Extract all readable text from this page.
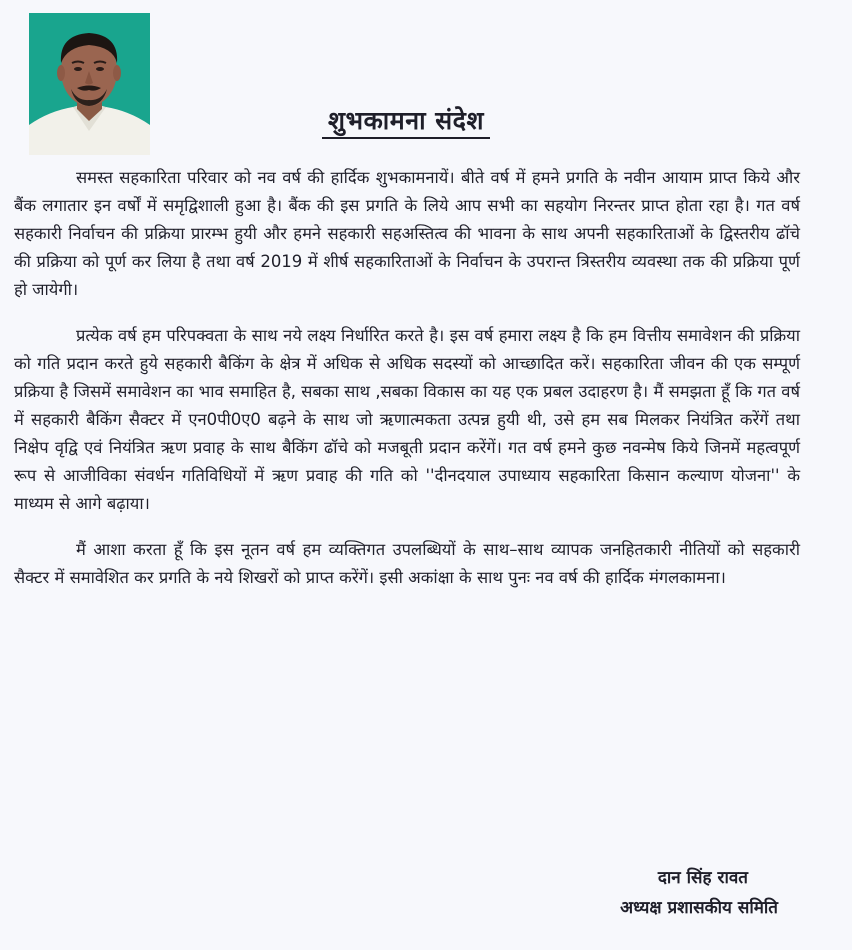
शुभकामना संदेश

समस्त सहकारिता परिवार को नव वर्ष की हार्दिक शुभकामनायें। बीते वर्ष में हमने प्रगति के नवीन आयाम प्राप्त किये और बैंक लगातार इन वर्षों में समृद्विशाली हुआ है। बैंक की इस प्रगति के लिये आप सभी का सहयोग निरन्तर प्राप्त होता रहा है। गत वर्ष सहकारी निर्वाचन की प्रक्रिया प्रारम्भ हुयी और हमने सहकारी सहअस्तित्व की भावना के साथ अपनी सहकारिताओं के द्विस्तरीय ढॉचे की प्रक्रिया को पूर्ण कर लिया है तथा वर्ष 2019 में शीर्ष सहकारिताओं के निर्वाचन के उपरान्त त्रिस्तरीय व्यवस्था तक की प्रक्रिया पूर्ण हो जायेगी।

प्रत्येक वर्ष हम परिपक्वता के साथ नये लक्ष्य निर्धारित करते है। इस वर्ष हमारा लक्ष्य है कि हम वित्तीय समावेशन की प्रक्रिया को गति प्रदान करते हुये सहकारी बैकिंग के क्षेत्र में अधिक से अधिक सदस्यों को आच्छादित करें। सहकारिता जीवन की एक सम्पूर्ण प्रक्रिया है जिसमें समावेशन का भाव समाहित है, सबका साथ ,सबका विकास का यह एक प्रबल उदाहरण है। मैं समझता हूँ कि गत वर्ष में सहकारी बैकिंग सैक्टर में एन0पी0ए0 बढ़ने के साथ जो ऋणात्मकता उत्पन्न हुयी थी, उसे हम सब मिलकर नियंत्रित करेंगें तथा निक्षेप वृद्वि एवं नियंत्रित ऋण प्रवाह के साथ बैकिंग ढॉचे को मजबूती प्रदान करेंगें। गत वर्ष हमने कुछ नवन्मेष किये जिनमें महत्वपूर्ण रूप से आजीविका संवर्धन गतिविधियों में ऋण प्रवाह की गति को ''दीनदयाल उपाध्याय सहकारिता किसान कल्याण योजना'' के माध्यम से आगे बढ़ाया।

मैं आशा करता हूँ कि इस नूतन वर्ष हम व्यक्तिगत उपलब्धियों के साथ–साथ व्यापक जनहितकारी नीतियों को सहकारी सैक्टर में समावेशित कर प्रगति के नये शिखरों को प्राप्त करेंगें। इसी अकांक्षा के साथ पुनः नव वर्ष की हार्दिक मंगलकामना।

दान सिंह रावत
अध्यक्ष प्रशासकीय समिति
